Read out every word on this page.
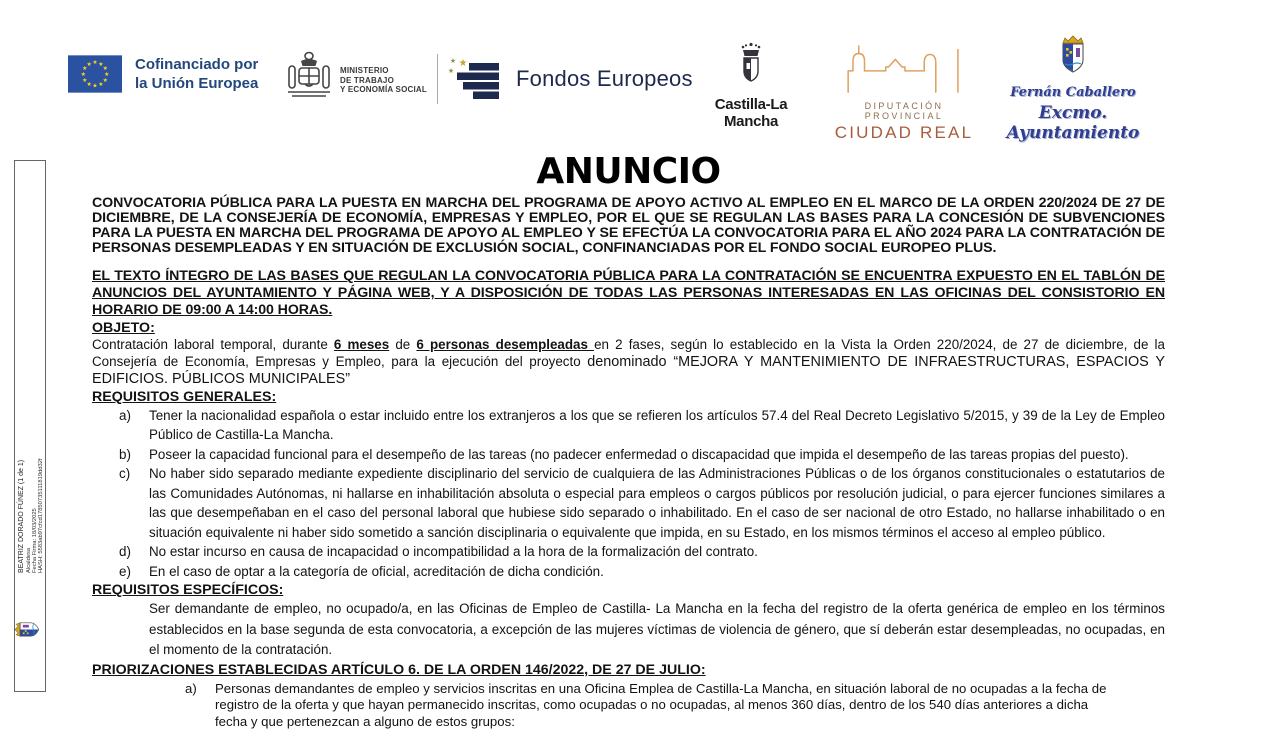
★ ★
★
★
★
★
★
★
★
★
★
★	Cofinanciado por
la Unión Europea
MINISTERIO
DE TRABAJO
Y ECONOMÍA SOCIAL
★
★
★	Fondos Europeos
Castilla-La Mancha
DIPUTACIÓN PROVINCIAL
CIUDAD REAL
Fernán Caballero
Excmo. Ayuntamiento
BEATRIZ DORADO FÚNEZ (1 de 1) Alcaldesa Fecha Firma: 18/03/2025 HASH: 5583ab97cfcd17850735111819dd32f
ANUNCIO

CONVOCATORIA PÚBLICA PARA LA PUESTA EN MARCHA DEL PROGRAMA DE APOYO ACTIVO AL EMPLEO EN EL MARCO DE LA ORDEN 220/2024 DE 27 DE DICIEMBRE, DE LA CONSEJERÍA DE ECONOMÍA, EMPRESAS Y EMPLEO, POR EL QUE SE REGULAN LAS BASES PARA LA CONCESIÓN DE SUBVENCIONES PARA LA PUESTA EN MARCHA DEL PROGRAMA DE APOYO AL EMPLEO Y SE EFECTÚA LA CONVOCATORIA PARA EL AÑO 2024 PARA LA CONTRATACIÓN DE PERSONAS DESEMPLEADAS Y EN SITUACIÓN DE EXCLUSIÓN SOCIAL, CONFINANCIADAS POR EL FONDO SOCIAL EUROPEO PLUS.

EL TEXTO ÍNTEGRO DE LAS BASES QUE REGULAN LA CONVOCATORIA PÚBLICA PARA LA CONTRATACIÓN SE ENCUENTRA EXPUESTO EN EL TABLÓN DE ANUNCIOS DEL AYUNTAMIENTO Y PÁGINA WEB, Y A DISPOSICIÓN DE TODAS LAS PERSONAS INTERESADAS EN LAS OFICINAS DEL CONSISTORIO EN HORARIO DE 09:00 A 14:00 HORAS.

OBJETO:

Contratación laboral temporal, durante 6 meses de 6 personas desempleadas en 2 fases, según lo establecido en la Vista la Orden 220/2024, de 27 de diciembre, de la Consejería de Economía, Empresas y Empleo, para la ejecución del proyecto denominado “MEJORA Y MANTENIMIENTO DE INFRAESTRUCTURAS, ESPACIOS Y EDIFICIOS. PÚBLICOS MUNICIPALES”

REQUISITOS GENERALES:

a) Tener la nacionalidad española o estar incluido entre los extranjeros a los que se refieren los artículos 57.4 del Real Decreto Legislativo 5/2015, y 39 de la Ley de Empleo Público de Castilla-La Mancha.
b) Poseer la capacidad funcional para el desempeño de las tareas (no padecer enfermedad o discapacidad que impida el desempeño de las tareas propias del puesto).
c) No haber sido separado mediante expediente disciplinario del servicio de cualquiera de las Administraciones Públicas o de los órganos constitucionales o estatutarios de las Comunidades Autónomas, ni hallarse en inhabilitación absoluta o especial para empleos o cargos públicos por resolución judicial, o para ejercer funciones similares a las que desempeñaban en el caso del personal laboral que hubiese sido separado o inhabilitado. En el caso de ser nacional de otro Estado, no hallarse inhabilitado o en situación equivalente ni haber sido sometido a sanción disciplinaria o equivalente que impida, en su Estado, en los mismos términos el acceso al empleo público.
d) No estar incurso en causa de incapacidad o incompatibilidad a la hora de la formalización del contrato.
e) En el caso de optar a la categoría de oficial, acreditación de dicha condición.

REQUISITOS ESPECÍFICOS:

Ser demandante de empleo, no ocupado/a, en las Oficinas de Empleo de Castilla- La Mancha en la fecha del registro de la oferta genérica de empleo en los términos establecidos en la base segunda de esta convocatoria, a excepción de las mujeres víctimas de violencia de género, que sí deberán estar desempleadas, no ocupadas, en el momento de la contratación.

PRIORIZACIONES ESTABLECIDAS ARTÍCULO 6. DE LA ORDEN 146/2022, DE 27 DE JULIO:

a) Personas demandantes de empleo y servicios inscritas en una Oficina Emplea de Castilla-La Mancha, en situación laboral de no ocupadas a la fecha de registro de la oferta y que hayan permanecido inscritas, como ocupadas o no ocupadas, al menos 360 días, dentro de los 540 días anteriores a dicha fecha y que pertenezcan a alguno de estos grupos:
